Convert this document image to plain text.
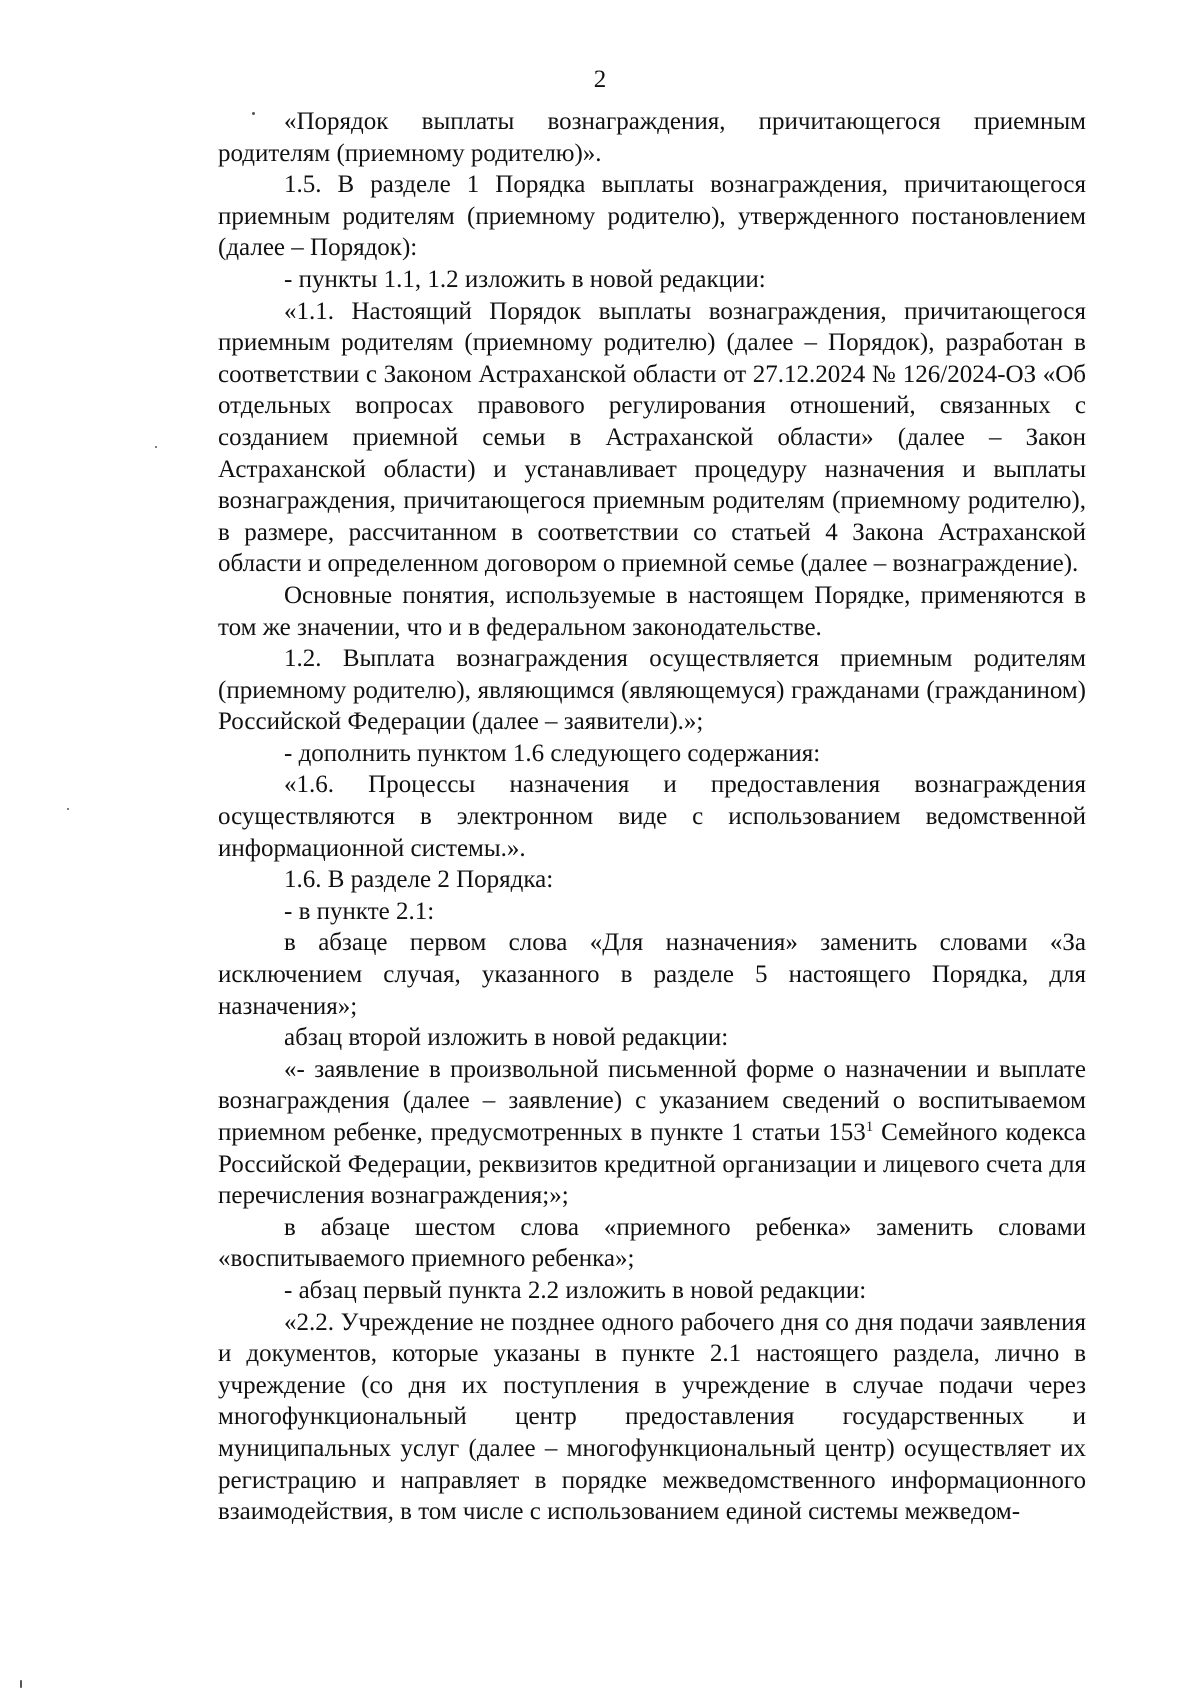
2

«Порядок выплаты вознаграждения, причитающегося приемным родителям (приемному родителю)».

1.5. В разделе 1 Порядка выплаты вознаграждения, причитающегося приемным родителям (приемному родителю), утвержденного постановлением (далее – Порядок):

- пункты 1.1, 1.2 изложить в новой редакции:

«1.1. Настоящий Порядок выплаты вознаграждения, причитающегося приемным родителям (приемному родителю) (далее – Порядок), разработан в соответствии с Законом Астраханской области от 27.12.2024 № 126/2024-ОЗ «Об отдельных вопросах правового регулирования отношений, связанных с созданием приемной семьи в Астраханской области» (далее – Закон Астраханской области) и устанавливает процедуру назначения и выплаты вознаграждения, причитающегося приемным родителям (приемному родителю), в размере, рассчитанном в соответствии со статьей 4 Закона Астраханской области и определенном договором о приемной семье (далее – вознаграждение).

Основные понятия, используемые в настоящем Порядке, применяются в том же значении, что и в федеральном законодательстве.

1.2. Выплата вознаграждения осуществляется приемным родителям (приемному родителю), являющимся (являющемуся) гражданами (гражданином) Российской Федерации (далее – заявители).»;

- дополнить пунктом 1.6 следующего содержания:

«1.6. Процессы назначения и предоставления вознаграждения осуществляются в электронном виде с использованием ведомственной информационной системы.».

1.6. В разделе 2 Порядка:

- в пункте 2.1:

в абзаце первом слова «Для назначения» заменить словами «За исключением случая, указанного в разделе 5 настоящего Порядка, для назначения»;

абзац второй изложить в новой редакции:

«- заявление в произвольной письменной форме о назначении и выплате вознаграждения (далее – заявление) с указанием сведений о воспитываемом приемном ребенке, предусмотренных в пункте 1 статьи $153^1$ Семейного кодекса Российской Федерации, реквизитов кредитной организации и лицевого счета для перечисления вознаграждения;»;

в абзаце шестом слова «приемного ребенка» заменить словами «воспитываемого приемного ребенка»;

- абзац первый пункта 2.2 изложить в новой редакции:

«2.2. Учреждение не позднее одного рабочего дня со дня подачи заявления и документов, которые указаны в пункте 2.1 настоящего раздела, лично в учреждение (со дня их поступления в учреждение в случае подачи через многофункциональный центр предоставления государственных и муниципальных услуг (далее – многофункциональный центр) осуществляет их регистрацию и направляет в порядке межведомственного информационного взаимодействия, в том числе с использованием единой системы межведом-
